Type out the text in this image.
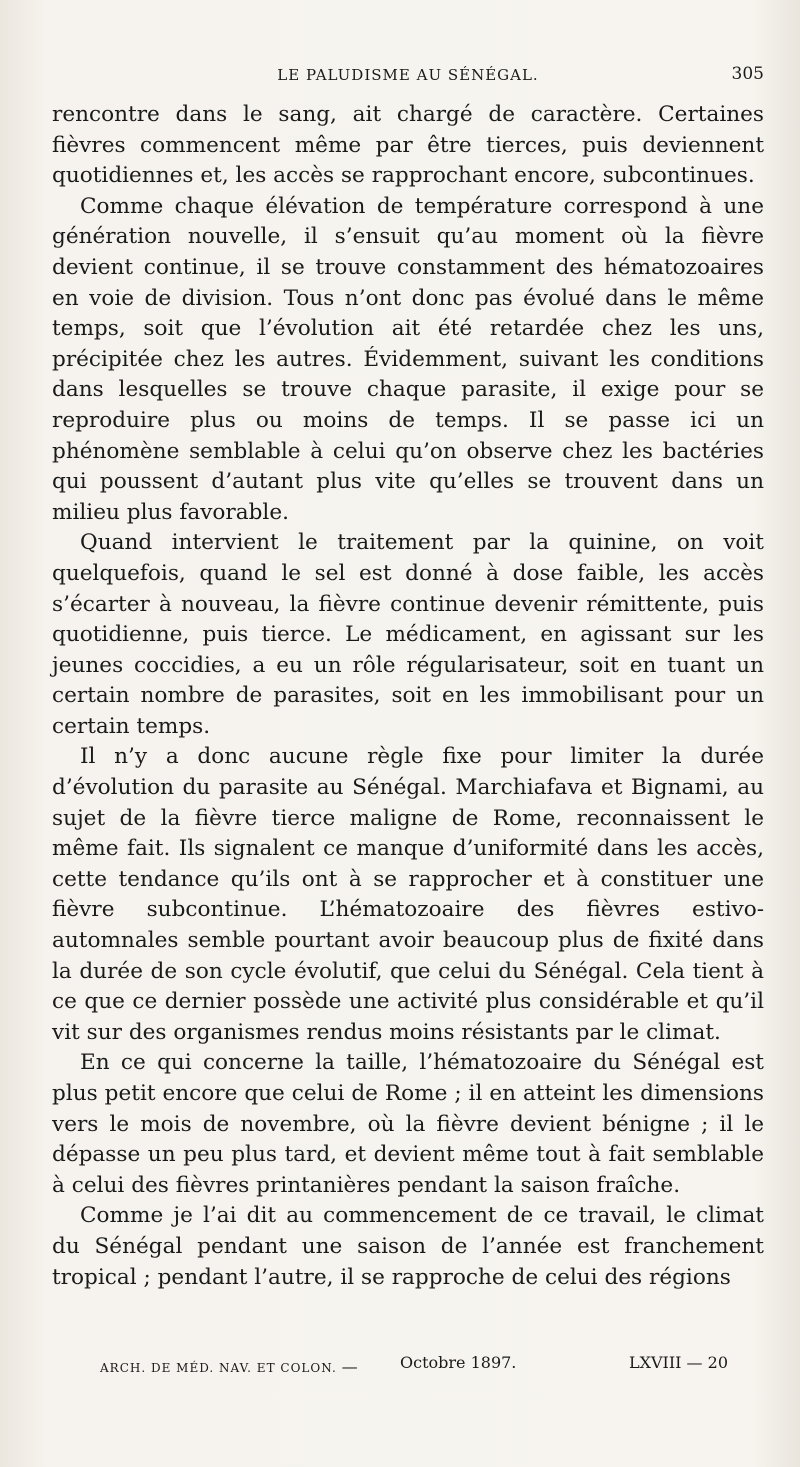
LE PALUDISME AU SÉNÉGAL.	305

rencontre dans le sang, ait chargé de caractère. Certaines fièvres commencent même par être tierces, puis deviennent quotidiennes et, les accès se rapprochant encore, subcontinues.

Comme chaque élévation de température correspond à une génération nouvelle, il s’ensuit qu’au moment où la fièvre devient continue, il se trouve constamment des hématozoaires en voie de division. Tous n’ont donc pas évolué dans le même temps, soit que l’évolution ait été retardée chez les uns, précipitée chez les autres. Évidemment, suivant les conditions dans lesquelles se trouve chaque parasite, il exige pour se reproduire plus ou moins de temps. Il se passe ici un phénomène semblable à celui qu’on observe chez les bactéries qui poussent d’autant plus vite qu’elles se trouvent dans un milieu plus favorable.

Quand intervient le traitement par la quinine, on voit quelquefois, quand le sel est donné à dose faible, les accès s’écarter à nouveau, la fièvre continue devenir rémittente, puis quotidienne, puis tierce. Le médicament, en agissant sur les jeunes coccidies, a eu un rôle régularisateur, soit en tuant un certain nombre de parasites, soit en les immobilisant pour un certain temps.

Il n’y a donc aucune règle fixe pour limiter la durée d’évolution du parasite au Sénégal. Marchiafava et Bignami, au sujet de la fièvre tierce maligne de Rome, reconnaissent le même fait. Ils signalent ce manque d’uniformité dans les accès, cette tendance qu’ils ont à se rapprocher et à constituer une fièvre subcontinue. L’hématozoaire des fièvres estivo-automnales semble pourtant avoir beaucoup plus de fixité dans la durée de son cycle évolutif, que celui du Sénégal. Cela tient à ce que ce dernier possède une activité plus considérable et qu’il vit sur des organismes rendus moins résistants par le climat.

En ce qui concerne la taille, l’hématozoaire du Sénégal est plus petit encore que celui de Rome ; il en atteint les dimensions vers le mois de novembre, où la fièvre devient bénigne ; il le dépasse un peu plus tard, et devient même tout à fait semblable à celui des fièvres printanières pendant la saison fraîche.

Comme je l’ai dit au commencement de ce travail, le climat du Sénégal pendant une saison de l’année est franchement tropical ; pendant l’autre, il se rapproche de celui des régions

ARCH. DE MÉD. NAV. ET COLON. —	Octobre 1897.	LXVIII — 20
